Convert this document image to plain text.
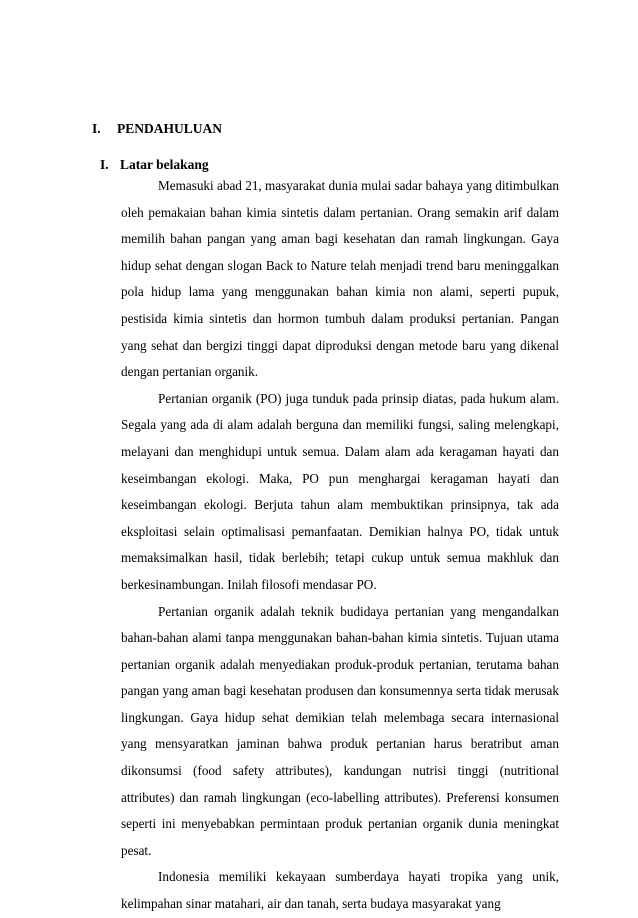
I. PENDAHULUAN
I. Latar belakang

Memasuki abad 21, masyarakat dunia mulai sadar bahaya yang ditimbulkan oleh pemakaian bahan kimia sintetis dalam pertanian. Orang semakin arif dalam memilih bahan pangan yang aman bagi kesehatan dan ramah lingkungan. Gaya hidup sehat dengan slogan Back to Nature telah menjadi trend baru meninggalkan pola hidup lama yang menggunakan bahan kimia non alami, seperti pupuk, pestisida kimia sintetis dan hormon tumbuh dalam produksi pertanian. Pangan yang sehat dan bergizi tinggi dapat diproduksi dengan metode baru yang dikenal dengan pertanian organik.

Pertanian organik (PO) juga tunduk pada prinsip diatas, pada hukum alam. Segala yang ada di alam adalah berguna dan memiliki fungsi, saling melengkapi, melayani dan menghidupi untuk semua. Dalam alam ada keragaman hayati dan keseimbangan ekologi. Maka, PO pun menghargai keragaman hayati dan keseimbangan ekologi. Berjuta tahun alam membuktikan prinsipnya, tak ada eksploitasi selain optimalisasi pemanfaatan. Demikian halnya PO, tidak untuk memaksimalkan hasil, tidak berlebih; tetapi cukup untuk semua makhluk dan berkesinambungan. Inilah filosofi mendasar PO.

Pertanian organik adalah teknik budidaya pertanian yang mengandalkan bahan-bahan alami tanpa menggunakan bahan-bahan kimia sintetis. Tujuan utama pertanian organik adalah menyediakan produk-produk pertanian, terutama bahan pangan yang aman bagi kesehatan produsen dan konsumennya serta tidak merusak lingkungan. Gaya hidup sehat demikian telah melembaga secara internasional yang mensyaratkan jaminan bahwa produk pertanian harus beratribut aman dikonsumsi (food safety attributes), kandungan nutrisi tinggi (nutritional attributes) dan ramah lingkungan (eco-labelling attributes). Preferensi konsumen seperti ini menyebabkan permintaan produk pertanian organik dunia meningkat pesat.

Indonesia memiliki kekayaan sumberdaya hayati tropika yang unik, kelimpahan sinar matahari, air dan tanah, serta budaya masyarakat yang
